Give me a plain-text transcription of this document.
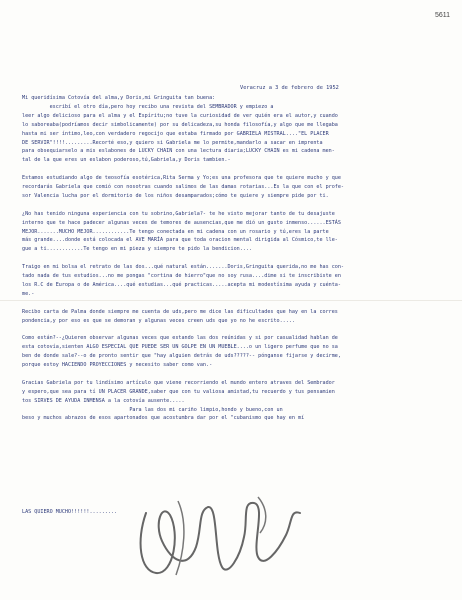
5611

Veracruz a 3 de febrero de 1952

Mi queridísima Cotovía del alma,y Doris,mi Gringuita tan buena:

escribí el otro día,pero hoy recibo una revista del SEMBRADOR y empiezo a

leer algo delicioso para el alma y el Espíritu;no tuve la curiosidad de ver quién era el autor,y cuando

lo saboreaba(podríamos decir simbolicamente) por su delicadeza,su honda filosofía,y algo que me llegaba

hasta mi ser íntimo,leo,con verdadero regocijo que estaba firmado por GABRIELA MISTRAL...."EL PLACER

DE SERVIR"!!!!.........Recorté eso,y quiero si Gabriela me lo permite,mandarlo a sacar en imprenta

para obsequiarselo a mis eslabones de LUCKY CHAIN con una lectura diaria;LUCKY CHAIN es mi cadena men-

tal de la que eres un eslabon poderoso,tú,Gabriela,y Doris tambien.-

Estamos estudiando algo de teosofía esotérica,Rita Serma y Yo;es una profesora que te quiere mucho y que

recordarás Gabriela que comió con nosotras cuando salimos de las damas rotarias...Es la que con el profe-

sor Valencia lucha por el dormitorio de los niños desamparados;cómo te quiere y siempre pide por ti.

¿No has tenido ninguna experiencia con tu sobrino,Gabriela?- te he visto mejorar tanto de tu desajuste

interno que te hace padecer algunas veces de temores de ausencias,que me dió un gusto inmenso......ESTÁS

MEJOR.......MUCHO MEJOR............Te tengo conectada en mi cadena con un rosario y tú,eres la parte

más grande....donde está colocada el AVE MARÍA para que toda oracion mental dirigida al Cósmico,te lle-

gue a ti............Te tengo en mi pieza y siempre te pido la bendicion....

Traigo en mi bolsa el retrato de las dos...qué natural están.......Doris,Gringuita querida,no me has con-

tado nada de tus estudios...no me pongas "cortina de hierro"que no soy rusa....dime si te inscribiste en

los R.C de Europa o de América....qué estudias...qué practicas.....acepta mi modestísima ayuda y cuénta-

me.-

Recibo carta de Palma donde siempre me cuenta de uds,pero me dice las dificultades que hay en la corres

pondencia,y por eso es que se demoran y algunas veces creen uds que yo no he escrito.....

Como están?--¿Quieren observar algunas veces que estando las dos reúnidas y si por casualidad hablan de

esta cotovía,sienten ALGO ESPECIAL QUE PUEDE SER UN GOLPE EN UN MUEBLE....o un ligero perfume que no sa

ben de donde sale?--o de pronto sentir que "hay alguien detrás de uds?????-- pónganse fijarse y decirme,

porque estoy HACIENDO PROYECCIONES y necesito saber como van.-

Gracias Gabriela por tu lindísimo artículo que viene recorriendo el mundo entero atraves del Sembrador

y espero,que sea para tí UN PLACER GRANDE,saber que con tu valiosa amistad,tu recuerdo y tus pensamien

tos SIRVES DE AYUDA INMENSA a la cotovía ausente.....

Para las dos mi cariño limpio,hondo y bueno,con un

beso y muchos abrazos de esos apartonados que acostumbra dar por el "cubanismo que hay en mí

LAS QUIERO MUCHO!!!!!!.........
